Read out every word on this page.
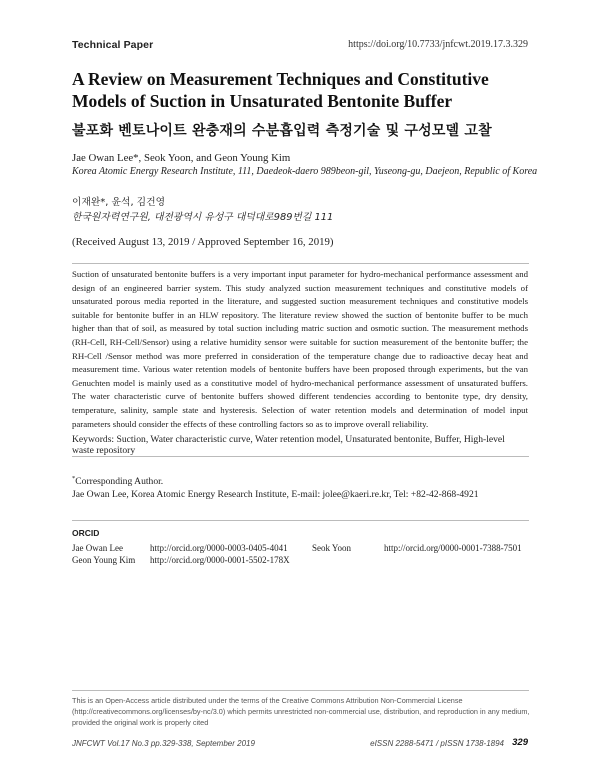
Technical Paper	https://doi.org/10.7733/jnfcwt.2019.17.3.329
A Review on Measurement Techniques and Constitutive Models of Suction in Unsaturated Bentonite Buffer
불포화 벤토나이트 완충재의 수분흡입력 측정기술 및 구성모델 고찰
Jae Owan Lee*, Seok Yoon, and Geon Young Kim
Korea Atomic Energy Research Institute, 111, Daedeok-daero 989beon-gil, Yuseong-gu, Daejeon, Republic of Korea
이재완*, 윤석, 김건영
한국원자력연구원, 대전광역시 유성구 대덕대로989번길 111
(Received August 13, 2019 / Approved September 16, 2019)
Suction of unsaturated bentonite buffers is a very important input parameter for hydro-mechanical performance assessment and design of an engineered barrier system. This study analyzed suction measurement techniques and constitutive models of unsaturated porous media reported in the literature, and suggested suction measurement techniques and constitutive models suitable for bentonite buffer in an HLW repository. The literature review showed the suction of bentonite buffer to be much higher than that of soil, as measured by total suction including matric suction and osmotic suction. The measurement methods (RH-Cell, RH-Cell/Sensor) using a relative humidity sensor were suitable for suction measurement of the bentonite buffer; the RH-Cell /Sensor method was more preferred in consideration of the temperature change due to radioactive decay heat and measurement time. Various water retention models of bentonite buffers have been proposed through experiments, but the van Genuchten model is mainly used as a constitutive model of hydro-mechanical performance assessment of unsaturated buffers. The water characteristic curve of bentonite buffers showed different tendencies according to bentonite type, dry density, temperature, salinity, sample state and hysteresis. Selection of water retention models and determination of model input parameters should consider the effects of these controlling factors so as to improve overall reliability.
Keywords: Suction, Water characteristic curve, Water retention model, Unsaturated bentonite, Buffer, High-level waste repository
*Corresponding Author.
Jae Owan Lee, Korea Atomic Energy Research Institute, E-mail: jolee@kaeri.re.kr, Tel: +82-42-868-4921
ORCID
Jae Owan Lee	http://orcid.org/0000-0003-0405-4041	Seok Yoon	http://orcid.org/0000-0001-7388-7501
Geon Young Kim http://orcid.org/0000-0001-5502-178X
This is an Open-Access article distributed under the terms of the Creative Commons Attribution Non-Commercial License (http://creativecommons.org/licenses/by-nc/3.0) which permits unrestricted non-commercial use, distribution, and reproduction in any medium, provided the original work is properly cited
JNFCWT Vol.17 No.3 pp.329-338, September 2019	eISSN 2288-5471 / pISSN 1738-1894 329
